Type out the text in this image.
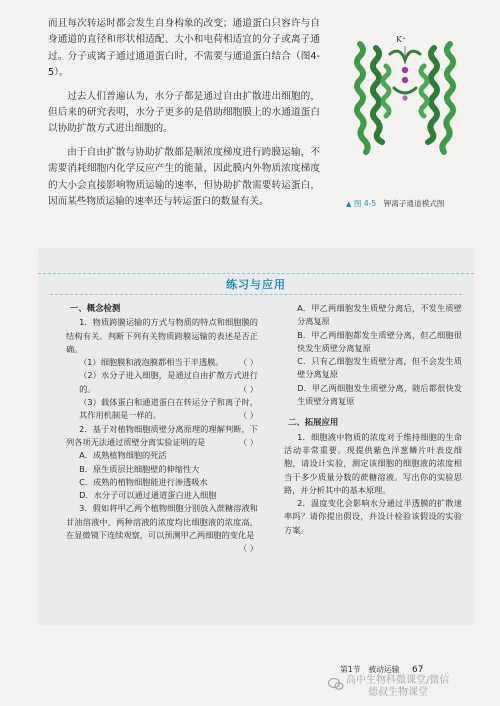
而且每次转运时都会发生自身构象的改变；通道蛋白只容许与自身通道的直径和形状相适配、大小和电荷相适宜的分子或离子通过。分子或离子通过通道蛋白时，不需要与通道蛋白结合（图4-5）。

过去人们普遍认为，水分子都是通过自由扩散进出细胞的，但后来的研究表明，水分子更多的是借助细胞膜上的水通道蛋白以协助扩散方式进出细胞的。

由于自由扩散与协助扩散都是顺浓度梯度进行跨膜运输，不需要消耗细胞内化学反应产生的能量，因此膜内外物质浓度梯度的大小会直接影响物质运输的速率，但协助扩散需要转运蛋白，因而某些物质运输的速率还与转运蛋白的数量有关。

K⁺
▲ 图 4-5 钾离子通道模式图
练习与应用
一、概念检测
1．物质跨膜运输的方式与物质的特点和细胞膜的结构有关。判断下列有关物质跨膜运输的表述是否正确。
（1）细胞膜和液泡膜都相当于半透膜。 （ ）
（2）水分子进入细胞，是通过自由扩散方式进行的。	（ ）
（3）载体蛋白和通道蛋白在转运分子和离子时，其作用机制是一样的。	（ ）
2．基于对植物细胞质壁分离原理的理解判断，下列各项无法通过质壁分离实验证明的是	（ ）
A．成熟植物细胞的死活
B．原生质层比细胞壁的伸缩性大
C．成熟的植物细胞能进行渗透吸水
D．水分子可以通过通道蛋白进入细胞
3．假如将甲乙两个植物细胞分别放入蔗糖溶液和甘油溶液中，两种溶液的浓度均比细胞液的浓度高，在显微镜下连续观察，可以预测甲乙两细胞的变化是
（ ）
A．甲乙两细胞发生质壁分离后，不发生质壁分离复原
B．甲乙两细胞都发生质壁分离，但乙细胞很快发生质壁分离复原
C．只有乙细胞发生质壁分离，但不会发生质壁分离复原
D．甲乙两细胞发生质壁分离，随后都很快发生质壁分离复原
二、拓展应用
1．细胞液中物质的浓度对于维持细胞的生命活动非常重要。现提供紫色洋葱鳞片叶表皮细胞，请设计实验，测定该细胞的细胞液的浓度相当于多少质量分数的蔗糖溶液。写出你的实验思路，并分析其中的基本原理。
2．温度变化会影响水分通过半透膜的扩散速率吗？请你提出假设，并设计检验该假设的实验方案。
第1节　被动运输 67
高中生物科微课堂/微信
德叔生物课堂
